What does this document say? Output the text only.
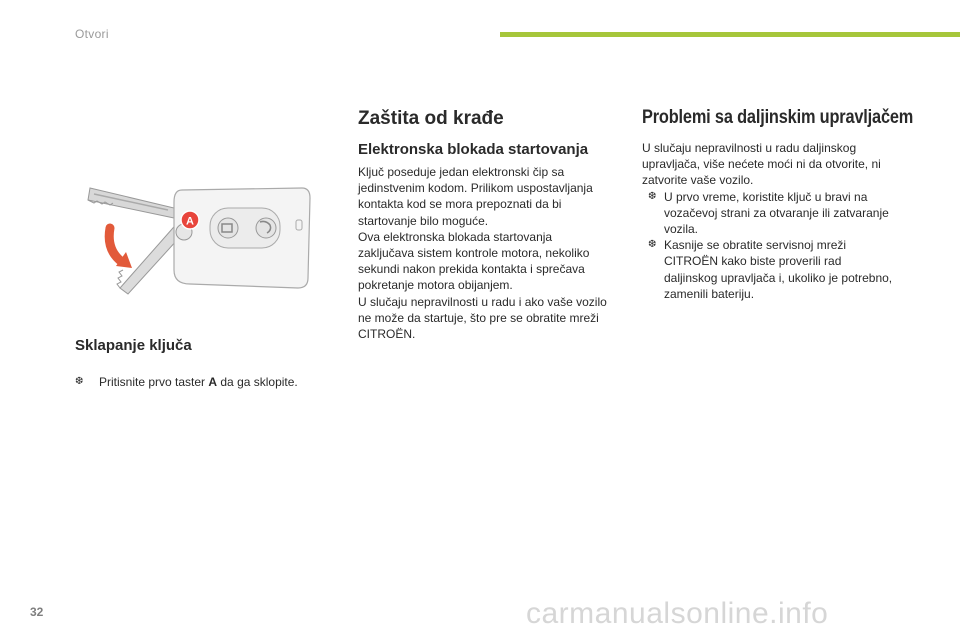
Otvori
A
Sklapanje ključa
❆ Pritisnite prvo taster A da ga sklopite.
Zaštita od krađe
Elektronska blokada startovanja

Ključ poseduje jedan elektronski čip sa

jedinstvenim kodom. Prilikom uspostavljanja

kontakta kod se mora prepoznati da bi

startovanje bilo moguće.

Ova elektronska blokada startovanja

zaključava sistem kontrole motora, nekoliko

sekundi nakon prekida kontakta i sprečava

pokretanje motora obijanjem.

U slučaju nepravilnosti u radu i ako vaše vozilo

ne može da startuje, što pre se obratite mreži

CITROËN.

Problemi sa daljinskim upravljačem

U slučaju nepravilnosti u radu daljinskog

upravljača, više nećete moći ni da otvorite, ni

zatvorite vaše vozilo.

❆ U prvo vreme, koristite ključ u bravi na
vozačevoj strani za otvaranje ili zatvaranje
vozila.
❆ Kasnije se obratite servisnoj mreži
CITROËN kako biste proverili rad
daljinskog upravljača i, ukoliko je potrebno,
zamenili bateriju.
32	carmanualsonline.info
